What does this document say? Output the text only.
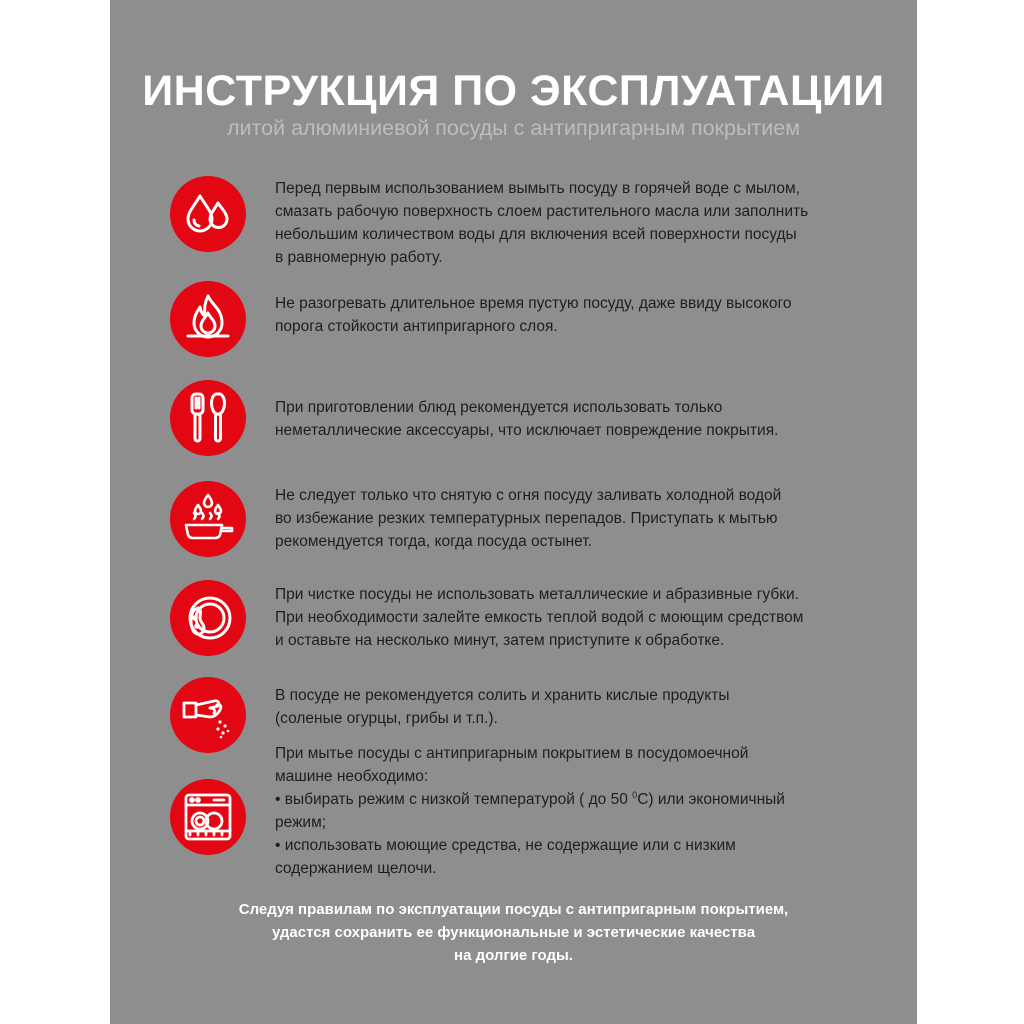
ИНСТРУКЦИЯ ПО ЭКСПЛУАТАЦИИ
литой алюминиевой посуды с антипригарным покрытием
Перед первым использованием вымыть посуду в горячей воде с мылом,
смазать рабочую поверхность слоем растительного масла или заполнить
небольшим количеством воды для включения всей поверхности посуды
в равномерную работу.
Не разогревать длительное время пустую посуду, даже ввиду высокого
порога стойкости антипригарного слоя.
При приготовлении блюд рекомендуется использовать только
неметаллические аксессуары, что исключает повреждение покрытия.
Не следует только что снятую с огня посуду заливать холодной водой
во избежание резких температурных перепадов. Приступать к мытью
рекомендуется тогда, когда посуда остынет.
При чистке посуды не использовать металлические и абразивные губки.
При необходимости залейте емкость теплой водой с моющим средством
и оставьте на несколько минут, затем приступите к обработке.
В посуде не рекомендуется солить и хранить кислые продукты
(соленые огурцы, грибы и т.п.).
При мытье посуды с антипригарным покрытием в посудомоечной
машине необходимо:
• выбирать режим с низкой температурой ( до 50 $^0$С) или экономичный
режим;
• использовать моющие средства, не содержащие или с низким
содержанием щелочи.
Следуя правилам по эксплуатации посуды с антипригарным покрытием,
удастся сохранить ее функциональные и эстетические качества
на долгие годы.
